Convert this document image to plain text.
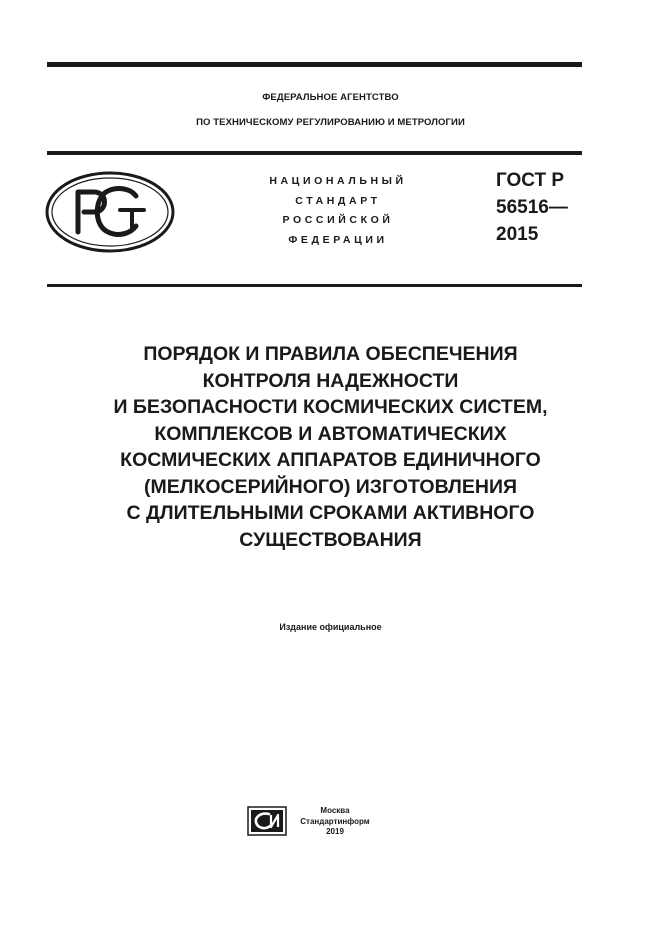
ФЕДЕРАЛЬНОЕ АГЕНТСТВО
ПО ТЕХНИЧЕСКОМУ РЕГУЛИРОВАНИЮ И МЕТРОЛОГИИ
НАЦИОНАЛЬНЫЙ
СТАНДАРТ
РОССИЙСКОЙ
ФЕДЕРАЦИИ
ГОСТ Р
56516—
2015
ПОРЯДОК И ПРАВИЛА ОБЕСПЕЧЕНИЯ
КОНТРОЛЯ НАДЕЖНОСТИ
И БЕЗОПАСНОСТИ КОСМИЧЕСКИХ СИСТЕМ,
КОМПЛЕКСОВ И АВТОМАТИЧЕСКИХ
КОСМИЧЕСКИХ АППАРАТОВ ЕДИНИЧНОГО
(МЕЛКОСЕРИЙНОГО) ИЗГОТОВЛЕНИЯ
С ДЛИТЕЛЬНЫМИ СРОКАМИ АКТИВНОГО
СУЩЕСТВОВАНИЯ
Издание официальное
Москва
Стандартинформ
2019
